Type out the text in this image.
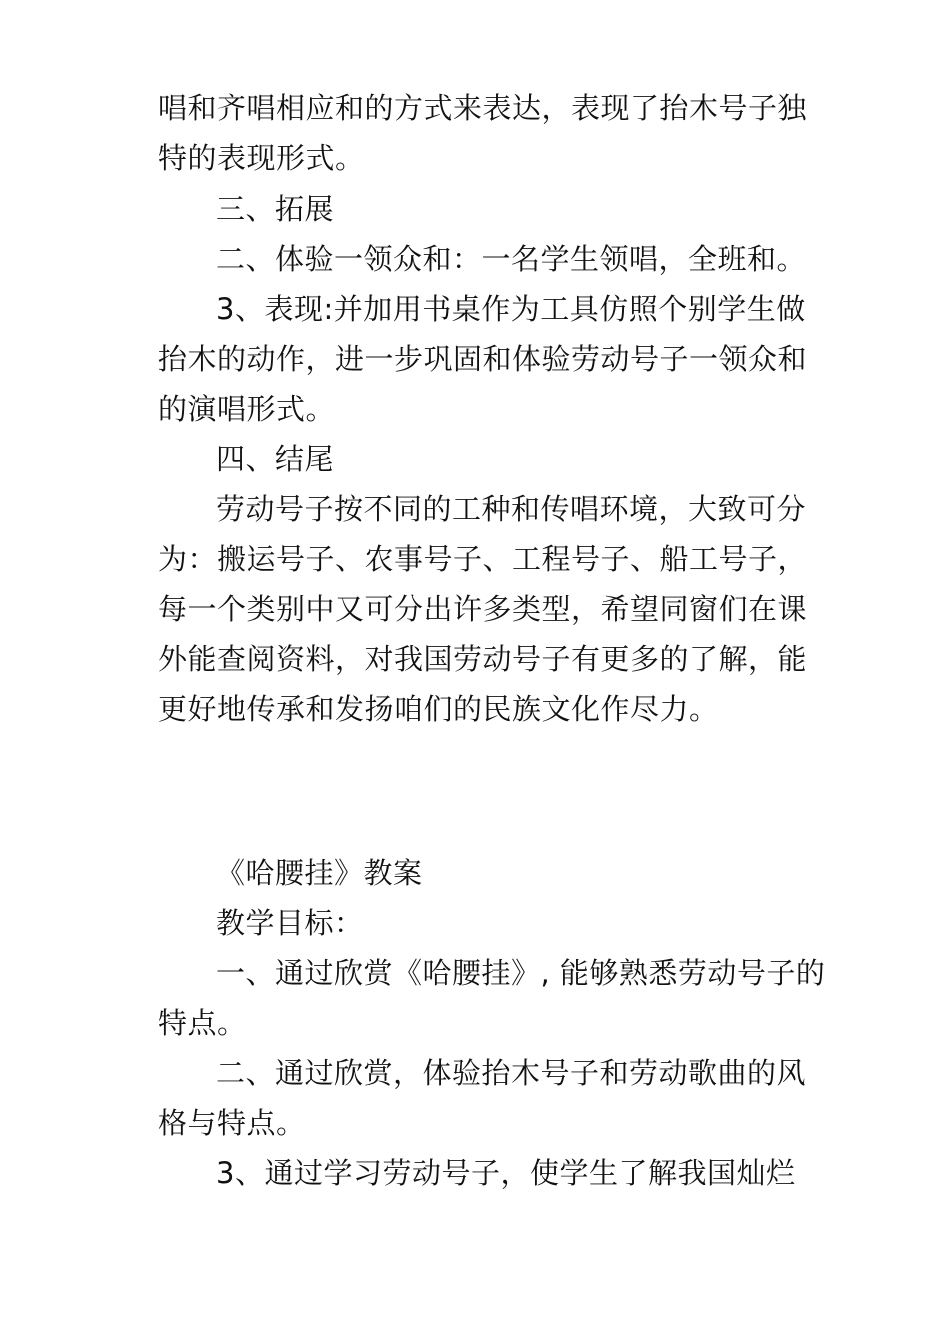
唱和齐唱相应和的方式来表达，表现了抬木号子独
特的表现形式。
三、拓展
二、体验一领众和：一名学生领唱，全班和。
3、表现:并加用书桌作为工具仿照个别学生做
抬木的动作，进一步巩固和体验劳动号子一领众和
的演唱形式。
四、结尾
劳动号子按不同的工种和传唱环境，大致可分
为：搬运号子、农事号子、工程号子、船工号子，
每一个类别中又可分出许多类型，希望同窗们在课
外能查阅资料，对我国劳动号子有更多的了解，能
更好地传承和发扬咱们的民族文化作尽力。
《哈腰挂》教案
教学目标：
一、通过欣赏《哈腰挂》, 能够熟悉劳动号子的
特点。
二、通过欣赏，体验抬木号子和劳动歌曲的风
格与特点。
3、通过学习劳动号子，使学生了解我国灿烂
